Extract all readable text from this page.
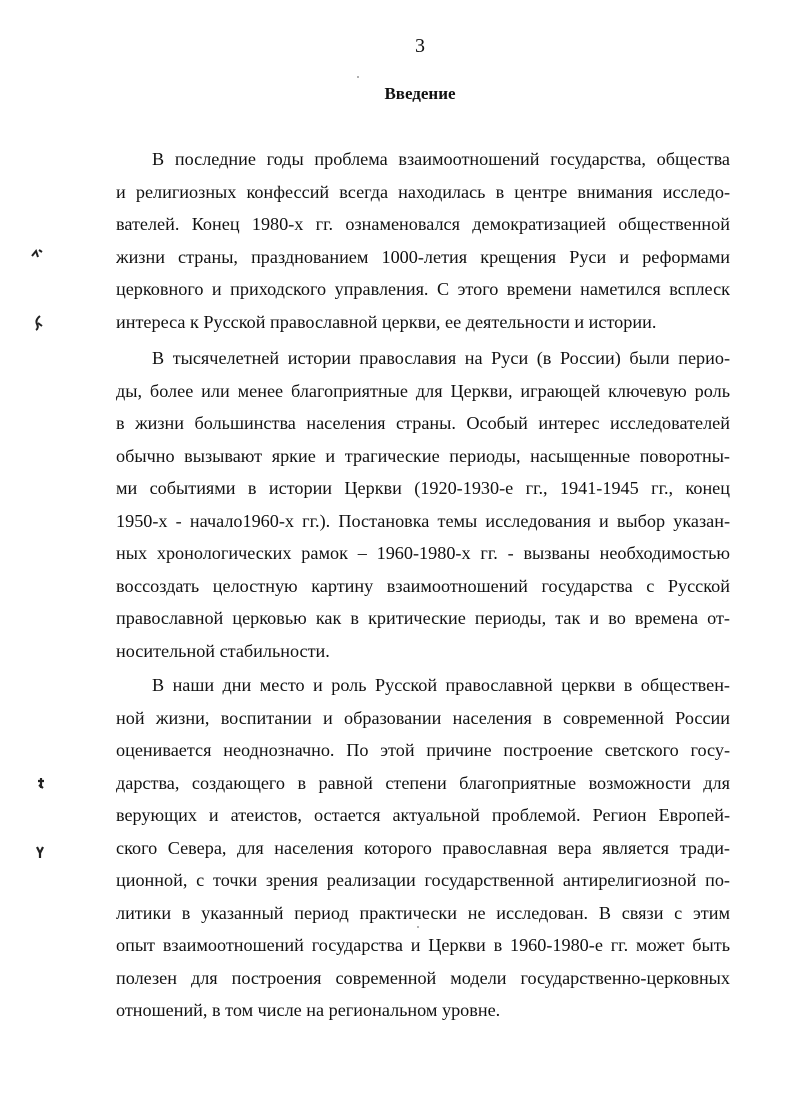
3
Введение
В последние годы проблема взаимоотношений государства, общества
и религиозных конфессий всегда находилась в центре внимания исследо-
вателей. Конец 1980-х гг. ознаменовался демократизацией общественной
жизни страны, празднованием 1000-летия крещения Руси и реформами
церковного и приходского управления. С этого времени наметился всплеск
интереса к Русской православной церкви, ее деятельности и истории.
В тысячелетней истории православия на Руси (в России) были перио-
ды, более или менее благоприятные для Церкви, играющей ключевую роль
в жизни большинства населения страны. Особый интерес исследователей
обычно вызывают яркие и трагические периоды, насыщенные поворотны-
ми событиями в истории Церкви (1920-1930-е гг., 1941-1945 гг., конец
1950-х - начало1960-х гг.). Постановка темы исследования и выбор указан-
ных хронологических рамок – 1960-1980-х гг. - вызваны необходимостью
воссоздать целостную картину взаимоотношений государства с Русской
православной церковью как в критические периоды, так и во времена от-
носительной стабильности.
В наши дни место и роль Русской православной церкви в обществен-
ной жизни, воспитании и образовании населения в современной России
оценивается неоднозначно. По этой причине построение светского госу-
дарства, создающего в равной степени благоприятные возможности для
верующих и атеистов, остается актуальной проблемой. Регион Европей-
ского Севера, для населения которого православная вера является тради-
ционной, с точки зрения реализации государственной антирелигиозной по-
литики в указанный период практически не исследован. В связи с этим
опыт взаимоотношений государства и Церкви в 1960-1980-е гг. может быть
полезен для построения современной модели государственно-церковных
отношений, в том числе на региональном уровне.
